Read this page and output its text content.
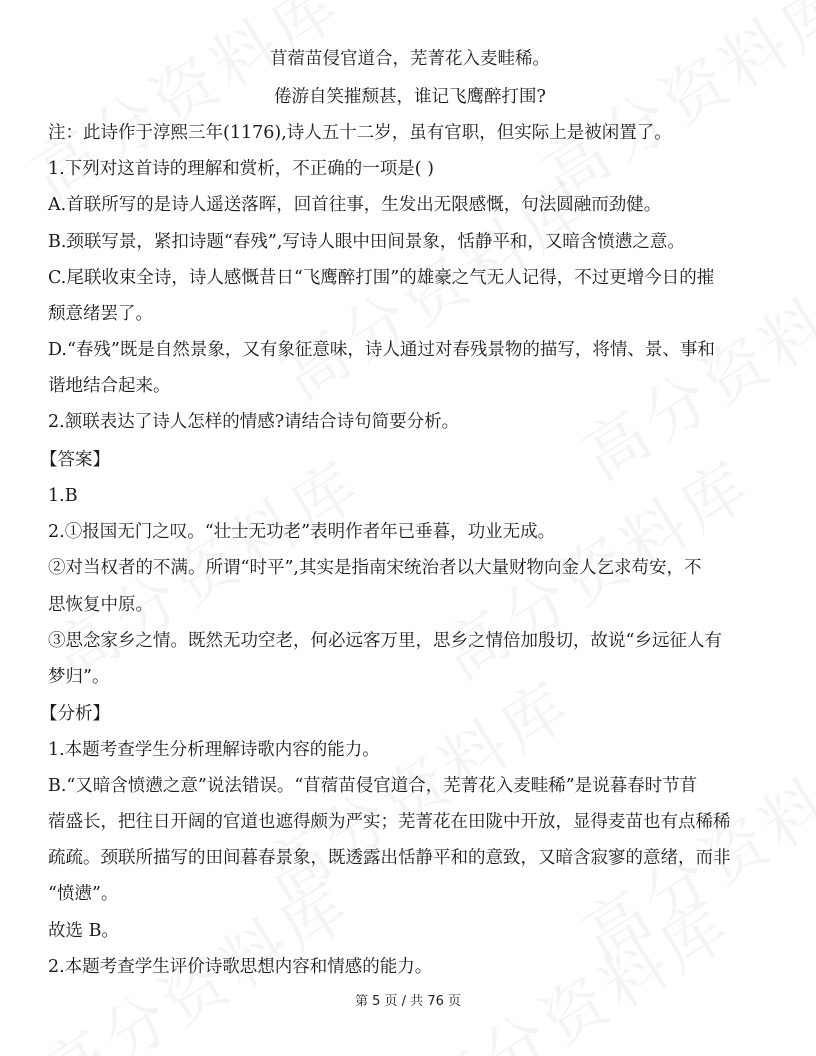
苜蓿苗侵官道合，芜菁花入麦畦稀。
倦游自笑摧颓甚，谁记飞鹰醉打围?
注：此诗作于淳熙三年(1176),诗人五十二岁，虽有官职，但实际上是被闲置了。
1.下列对这首诗的理解和赏析，不正确的一项是( )
A.首联所写的是诗人遥送落晖，回首往事，生发出无限感慨，句法圆融而劲健。
B.颈联写景，紧扣诗题“春残”,写诗人眼中田间景象，恬静平和，又暗含愤懑之意。
C.尾联收束全诗，诗人感慨昔日“飞鹰醉打围”的雄豪之气无人记得，不过更增今日的摧
颓意绪罢了。
D.“春残”既是自然景象，又有象征意味，诗人通过对春残景物的描写，将情、景、事和
谐地结合起来。
2.颔联表达了诗人怎样的情感?请结合诗句简要分析。
【答案】
1.B
2.①报国无门之叹。“壮士无功老”表明作者年已垂暮，功业无成。
②对当权者的不满。所谓“时平”,其实是指南宋统治者以大量财物向金人乞求苟安，不
思恢复中原。
③思念家乡之情。既然无功空老，何必远客万里，思乡之情倍加殷切，故说“乡远征人有
梦归”。
【分析】
1.本题考查学生分析理解诗歌内容的能力。
B.“又暗含愤懑之意”说法错误。“苜蓿苗侵官道合，芜菁花入麦畦稀”是说暮春时节苜
蓿盛长，把往日开阔的官道也遮得颇为严实；芜菁花在田陇中开放，显得麦苗也有点稀稀
疏疏。颈联所描写的田间暮春景象，既透露出恬静平和的意致，又暗含寂寥的意绪，而非
“愤懑”。
故选 B。
2.本题考查学生评价诗歌思想内容和情感的能力。
第 5 页 / 共 76 页
